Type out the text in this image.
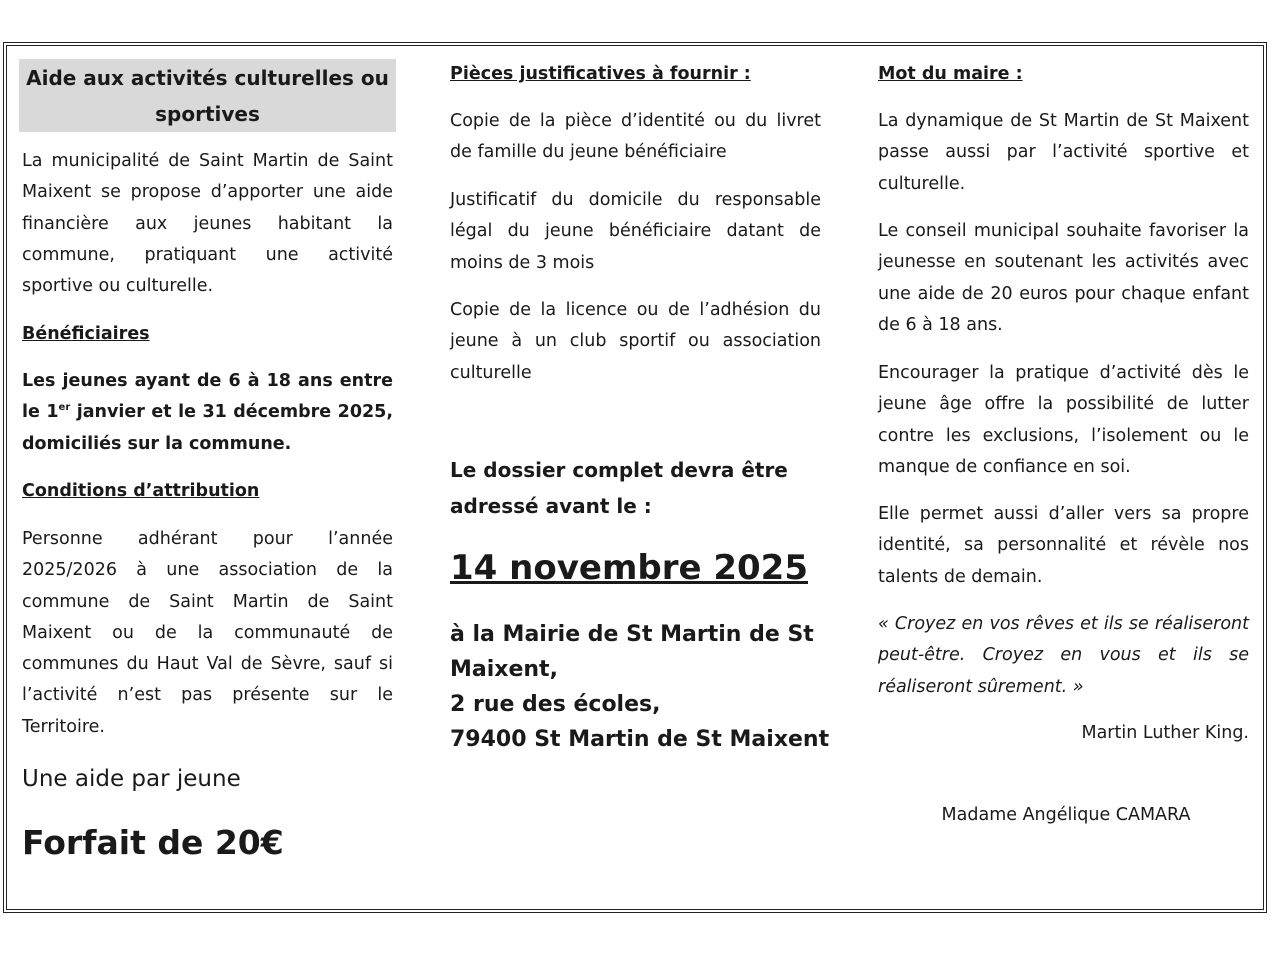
Aide aux activités culturelles ou sportives

La municipalité de Saint Martin de Saint Maixent se propose d’apporter une aide financière aux jeunes habitant la commune, pratiquant une activité sportive ou culturelle.

Bénéficiaires

Les jeunes ayant de 6 à 18 ans entre le 1er janvier et le 31 décembre 2025, domiciliés sur la commune.

Conditions d’attribution

Personne adhérant pour l’année 2025/2026 à une association de la commune de Saint Martin de Saint Maixent ou de la communauté de communes du Haut Val de Sèvre, sauf si l’activité n’est pas présente sur le Territoire.

Une aide par jeune

Forfait de 20€

Pièces justificatives à fournir :

Copie de la pièce d’identité ou du livret de famille du jeune bénéficiaire

Justificatif du domicile du responsable légal du jeune bénéficiaire datant de moins de 3 mois

Copie de la licence ou de l’adhésion du jeune à un club sportif ou association culturelle

Le dossier complet devra être

adressé avant le :

14 novembre 2025

à la Mairie de St Martin de St

Maixent,

2 rue des écoles,

79400 St Martin de St Maixent

Mot du maire :

La dynamique de St Martin de St Maixent passe aussi par l’activité sportive et culturelle.

Le conseil municipal souhaite favoriser la jeunesse en soutenant les activités avec une aide de 20 euros pour chaque enfant de 6 à 18 ans.

Encourager la pratique d’activité dès le jeune âge offre la possibilité de lutter contre les exclusions, l’isolement ou le manque de confiance en soi.

Elle permet aussi d’aller vers sa propre identité, sa personnalité et révèle nos talents de demain.

« Croyez en vos rêves et ils se réaliseront peut-être. Croyez en vous et ils se réaliseront sûrement. »

Martin Luther King.

Madame Angélique CAMARA
